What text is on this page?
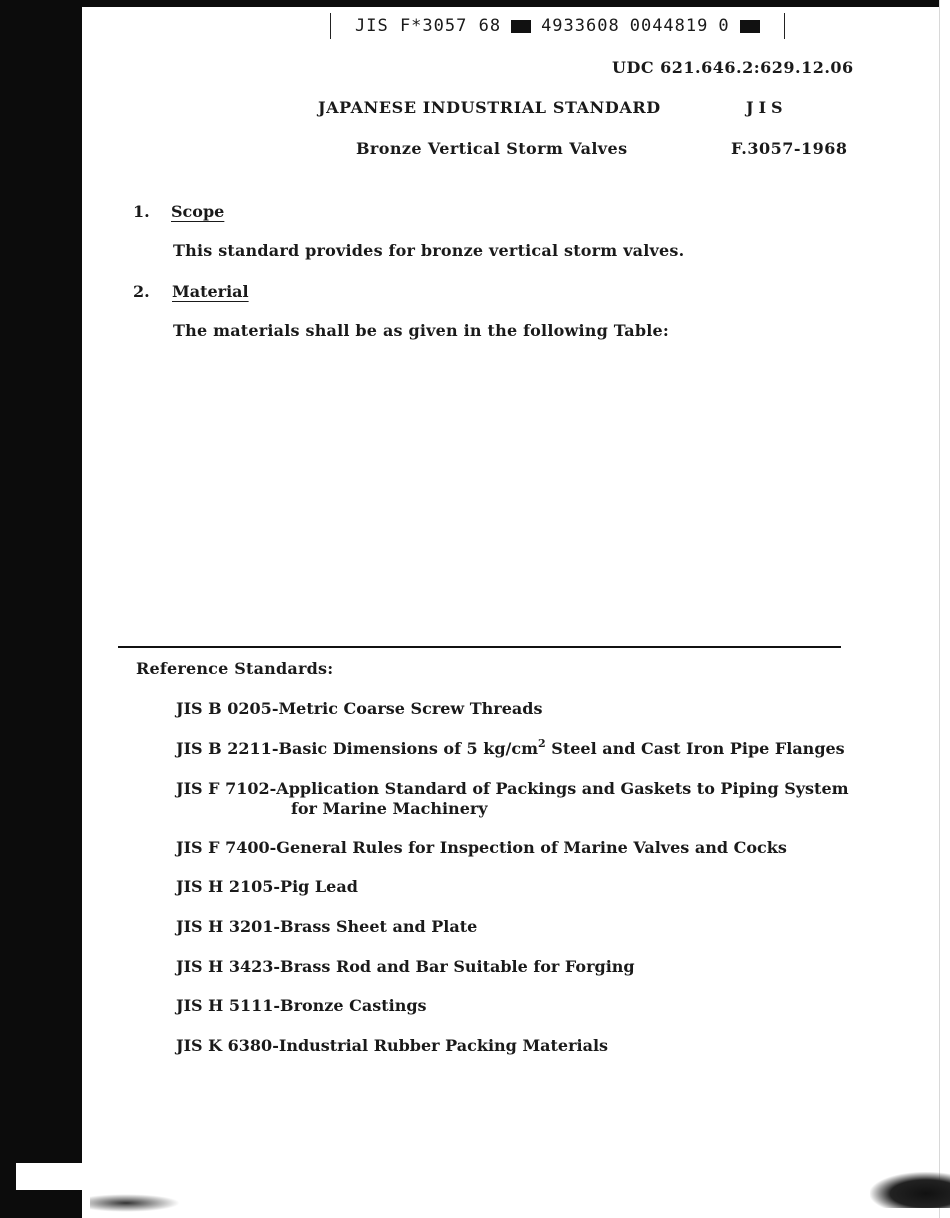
JIS F*3057 68 4933608 0044819 0
UDC 621.646.2:629.12.06
JAPANESE INDUSTRIAL STANDARD	JIS
Bronze Vertical Storm Valves	F.3057-1968
1. Scope
This standard provides for bronze vertical storm valves.
2. Material
The materials shall be as given in the following Table:
Reference Standards:
JIS B 0205-Metric Coarse Screw Threads
JIS B 2211-Basic Dimensions of 5 $kg/cm^2$ Steel and Cast Iron Pipe Flanges
JIS F 7102-Application Standard of Packings and Gaskets to Piping System
for Marine Machinery
JIS F 7400-General Rules for Inspection of Marine Valves and Cocks
JIS H 2105-Pig Lead
JIS H 3201-Brass Sheet and Plate
JIS H 3423-Brass Rod and Bar Suitable for Forging
JIS H 5111-Bronze Castings
JIS K 6380-Industrial Rubber Packing Materials
